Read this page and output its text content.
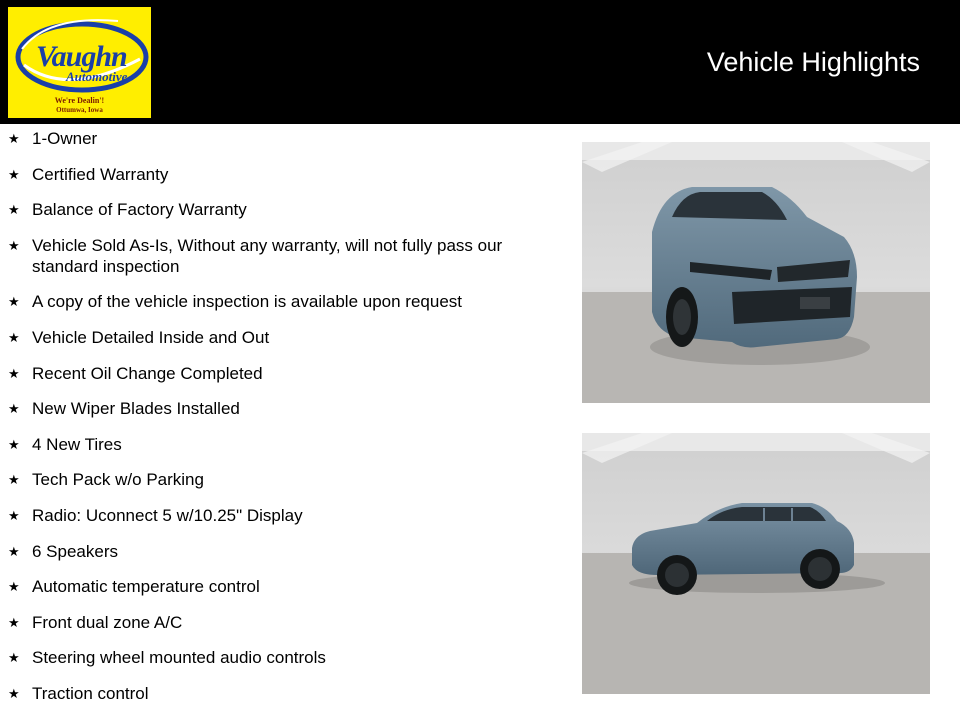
Vaughn
Automotive
We're Dealin'!
Ottumwa, Iowa
Vehicle Highlights
★ 1-Owner
★ Certified Warranty
★ Balance of Factory Warranty
★ Vehicle Sold As-Is, Without any warranty, will not fully pass our standard inspection
★ A copy of the vehicle inspection is available upon request
★ Vehicle Detailed Inside and Out
★ Recent Oil Change Completed
★ New Wiper Blades Installed
★ 4 New Tires
★ Tech Pack w/o Parking
★ Radio: Uconnect 5 w/10.25" Display
★ 6 Speakers
★ Automatic temperature control
★ Front dual zone A/C
★ Steering wheel mounted audio controls
★ Traction control
